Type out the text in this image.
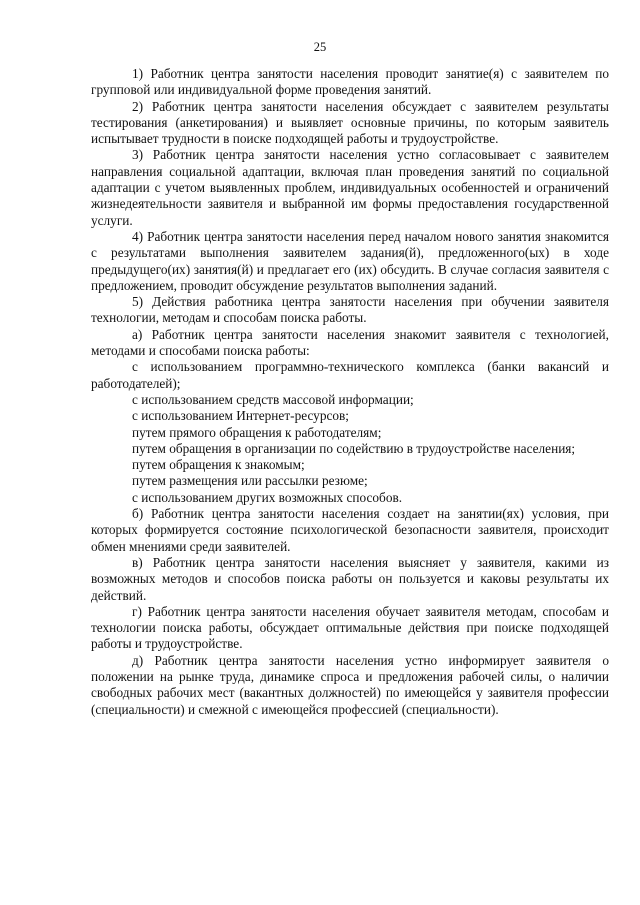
25

1) Работник центра занятости населения проводит занятие(я) с заявителем по групповой или индивидуальной форме проведения занятий.

2) Работник центра занятости населения обсуждает с заявителем результаты тестирования (анкетирования) и выявляет основные причины, по которым заявитель испытывает трудности в поиске подходящей работы и трудоустройстве.

3) Работник центра занятости населения устно согласовывает с заявителем направления социальной адаптации, включая план проведения занятий по социальной адаптации с учетом выявленных проблем, индивидуальных особенностей и ограничений жизнедеятельности заявителя и выбранной им формы предоставления государственной услуги.

4) Работник центра занятости населения перед началом нового занятия знакомится с результатами выполнения заявителем задания(й), предложенного(ых) в ходе предыдущего(их) занятия(й) и предлагает его (их) обсудить. В случае согласия заявителя с предложением, проводит обсуждение результатов выполнения заданий.

5) Действия работника центра занятости населения при обучении заявителя технологии, методам и способам поиска работы.

а) Работник центра занятости населения знакомит заявителя с технологией, методами и способами поиска работы:

с использованием программно-технического комплекса (банки вакансий и работодателей);

с использованием средств массовой информации;

с использованием Интернет-ресурсов;

путем прямого обращения к работодателям;

путем обращения в организации по содействию в трудоустройстве населения;

путем обращения к знакомым;

путем размещения или рассылки резюме;

с использованием других возможных способов.

б) Работник центра занятости населения создает на занятии(ях) условия, при которых формируется состояние психологической безопасности заявителя, происходит обмен мнениями среди заявителей.

в) Работник центра занятости населения выясняет у заявителя, какими из возможных методов и способов поиска работы он пользуется и каковы результаты их действий.

г) Работник центра занятости населения обучает заявителя методам, способам и технологии поиска работы, обсуждает оптимальные действия при поиске подходящей работы и трудоустройстве.

д) Работник центра занятости населения устно информирует заявителя о положении на рынке труда, динамике спроса и предложения рабочей силы, о наличии свободных рабочих мест (вакантных должностей) по имеющейся у заявителя профессии (специальности) и смежной с имеющейся профессией (специальности).
